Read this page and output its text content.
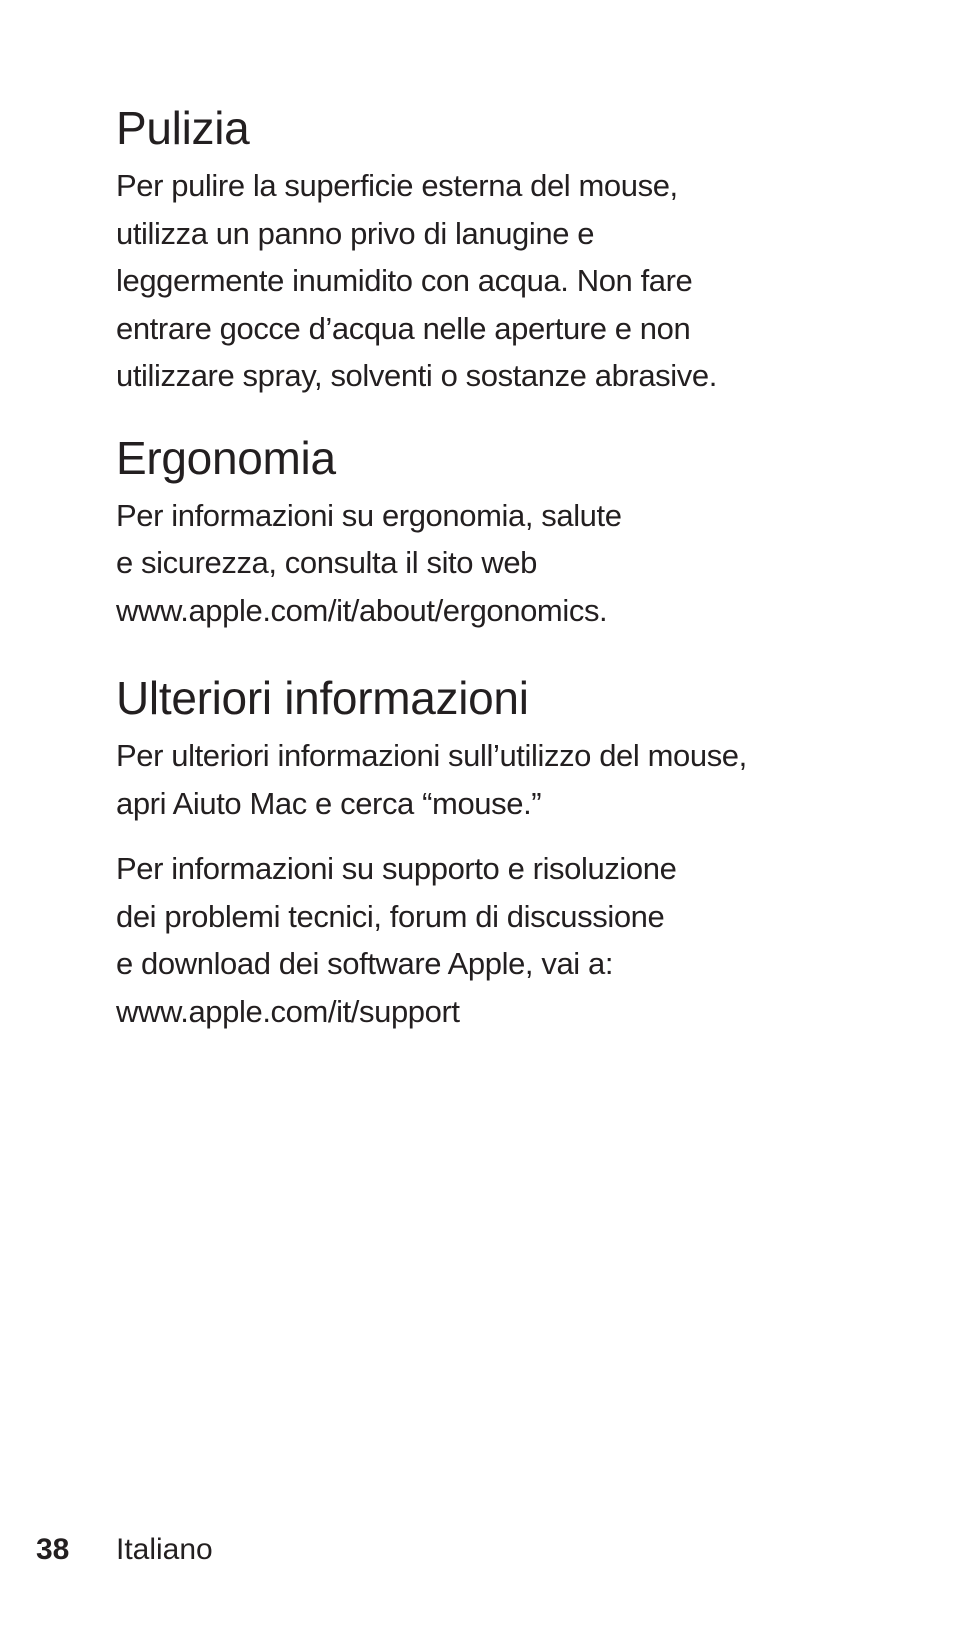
Pulizia

Per pulire la superficie esterna del mouse,
utilizza un panno privo di lanugine e
leggermente inumidito con acqua. Non fare
entrare gocce d’acqua nelle aperture e non
utilizzare spray, solventi o sostanze abrasive.

Ergonomia

Per informazioni su ergonomia, salute
e sicurezza, consulta il sito web
www.apple.com/it/about/ergonomics.

Ulteriori informazioni

Per ulteriori informazioni sull’utilizzo del mouse,
apri Aiuto Mac e cerca “mouse.”

Per informazioni su supporto e risoluzione
dei problemi tecnici, forum di discussione
e download dei software Apple, vai a:
www.apple.com/it/support

38 Italiano
